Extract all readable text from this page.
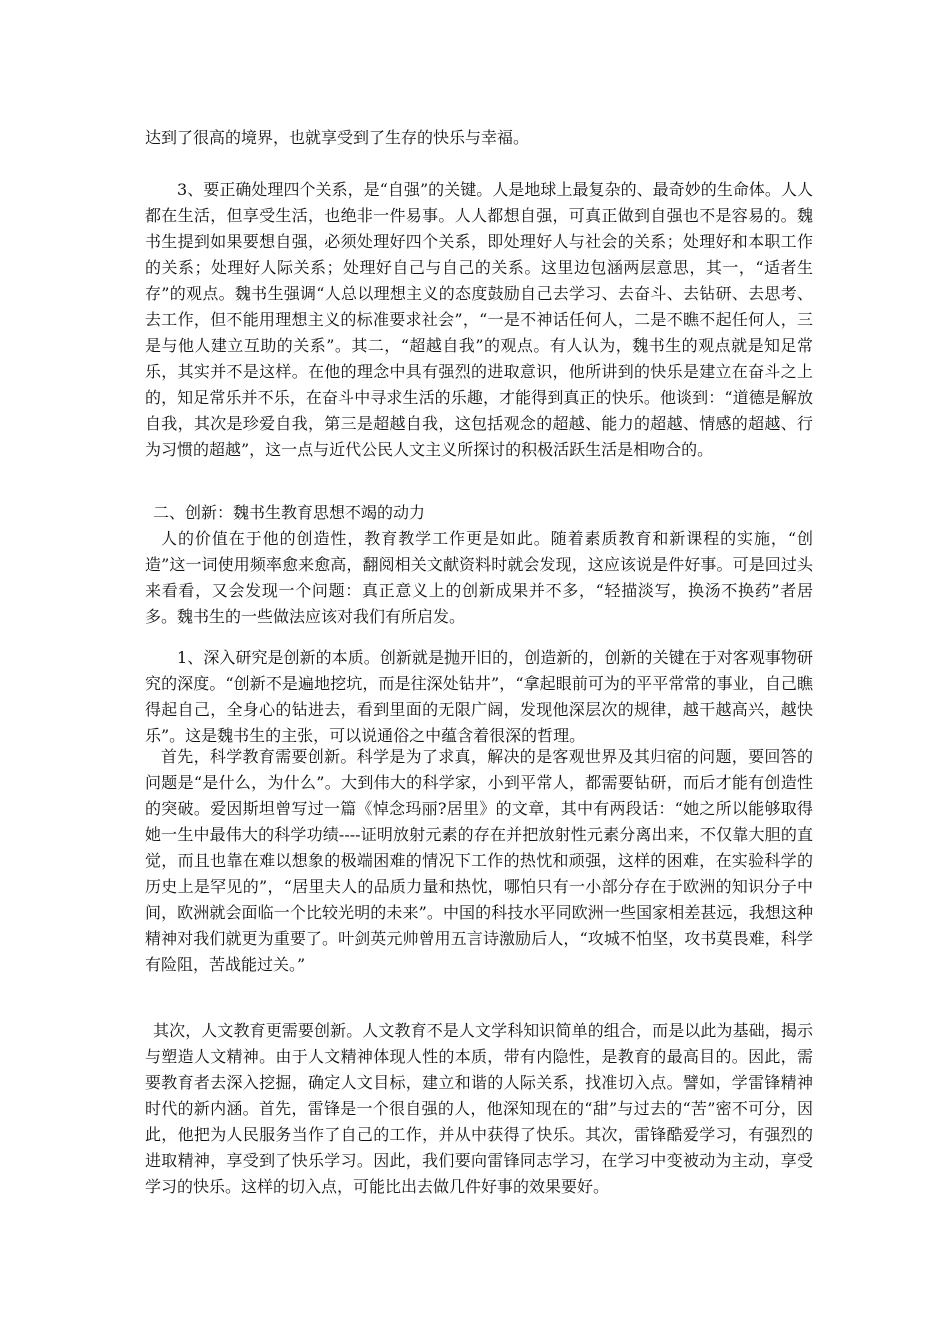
达到了很高的境界，也就享受到了生存的快乐与幸福。

　3、要正确处理四个关系，是“自强”的关键。人是地球上最复杂的、最奇妙的生命体。人人都在生活，但享受生活，也绝非一件易事。人人都想自强，可真正做到自强也不是容易的。魏书生提到如果要想自强，必须处理好四个关系，即处理好人与社会的关系；处理好和本职工作的关系；处理好人际关系；处理好自己与自己的关系。这里边包涵两层意思，其一，“适者生存”的观点。魏书生强调“人总以理想主义的态度鼓励自己去学习、去奋斗、去钻研、去思考、去工作，但不能用理想主义的标准要求社会”，“一是不神话任何人，二是不瞧不起任何人，三是与他人建立互助的关系”。其二，“超越自我”的观点。有人认为，魏书生的观点就是知足常乐，其实并不是这样。在他的理念中具有强烈的进取意识，他所讲到的快乐是建立在奋斗之上的，知足常乐并不乐，在奋斗中寻求生活的乐趣，才能得到真正的快乐。他谈到：“道德是解放自我，其次是珍爱自我，第三是超越自我，这包括观念的超越、能力的超越、情感的超越、行为习惯的超越”，这一点与近代公民人文主义所探讨的积极活跃生活是相吻合的。

二、创新：魏书生教育思想不竭的动力

人的价值在于他的创造性，教育教学工作更是如此。随着素质教育和新课程的实施，“创造”这一词使用频率愈来愈高，翻阅相关文献资料时就会发现，这应该说是件好事。可是回过头来看看，又会发现一个问题：真正意义上的创新成果并不多，“轻描淡写，换汤不换药”者居多。魏书生的一些做法应该对我们有所启发。

　1、深入研究是创新的本质。创新就是抛开旧的，创造新的，创新的关键在于对客观事物研究的深度。“创新不是遍地挖坑，而是往深处钻井”，“拿起眼前可为的平平常常的事业，自己瞧得起自己，全身心的钻进去，看到里面的无限广阔，发现他深层次的规律，越干越高兴，越快乐”。这是魏书生的主张，可以说通俗之中蕴含着很深的哲理。

首先，科学教育需要创新。科学是为了求真，解决的是客观世界及其归宿的问题，要回答的问题是“是什么，为什么”。大到伟大的科学家，小到平常人，都需要钻研，而后才能有创造性的突破。爱因斯坦曾写过一篇《悼念玛丽?居里》的文章，其中有两段话：“她之所以能够取得她一生中最伟大的科学功绩----证明放射元素的存在并把放射性元素分离出来，不仅靠大胆的直觉，而且也靠在难以想象的极端困难的情况下工作的热忱和顽强，这样的困难，在实验科学的历史上是罕见的”，“居里夫人的品质力量和热忱，哪怕只有一小部分存在于欧洲的知识分子中间，欧洲就会面临一个比较光明的未来”。中国的科技水平同欧洲一些国家相差甚远，我想这种精神对我们就更为重要了。叶剑英元帅曾用五言诗激励后人，“攻城不怕坚，攻书莫畏难，科学有险阻，苦战能过关。”

其次，人文教育更需要创新。人文教育不是人文学科知识简单的组合，而是以此为基础，揭示与塑造人文精神。由于人文精神体现人性的本质，带有内隐性，是教育的最高目的。因此，需要教育者去深入挖掘，确定人文目标，建立和谐的人际关系，找准切入点。譬如，学雷锋精神时代的新内涵。首先，雷锋是一个很自强的人，他深知现在的“甜”与过去的“苦”密不可分，因此，他把为人民服务当作了自己的工作，并从中获得了快乐。其次，雷锋酷爱学习，有强烈的进取精神，享受到了快乐学习。因此，我们要向雷锋同志学习，在学习中变被动为主动，享受学习的快乐。这样的切入点，可能比出去做几件好事的效果要好。
